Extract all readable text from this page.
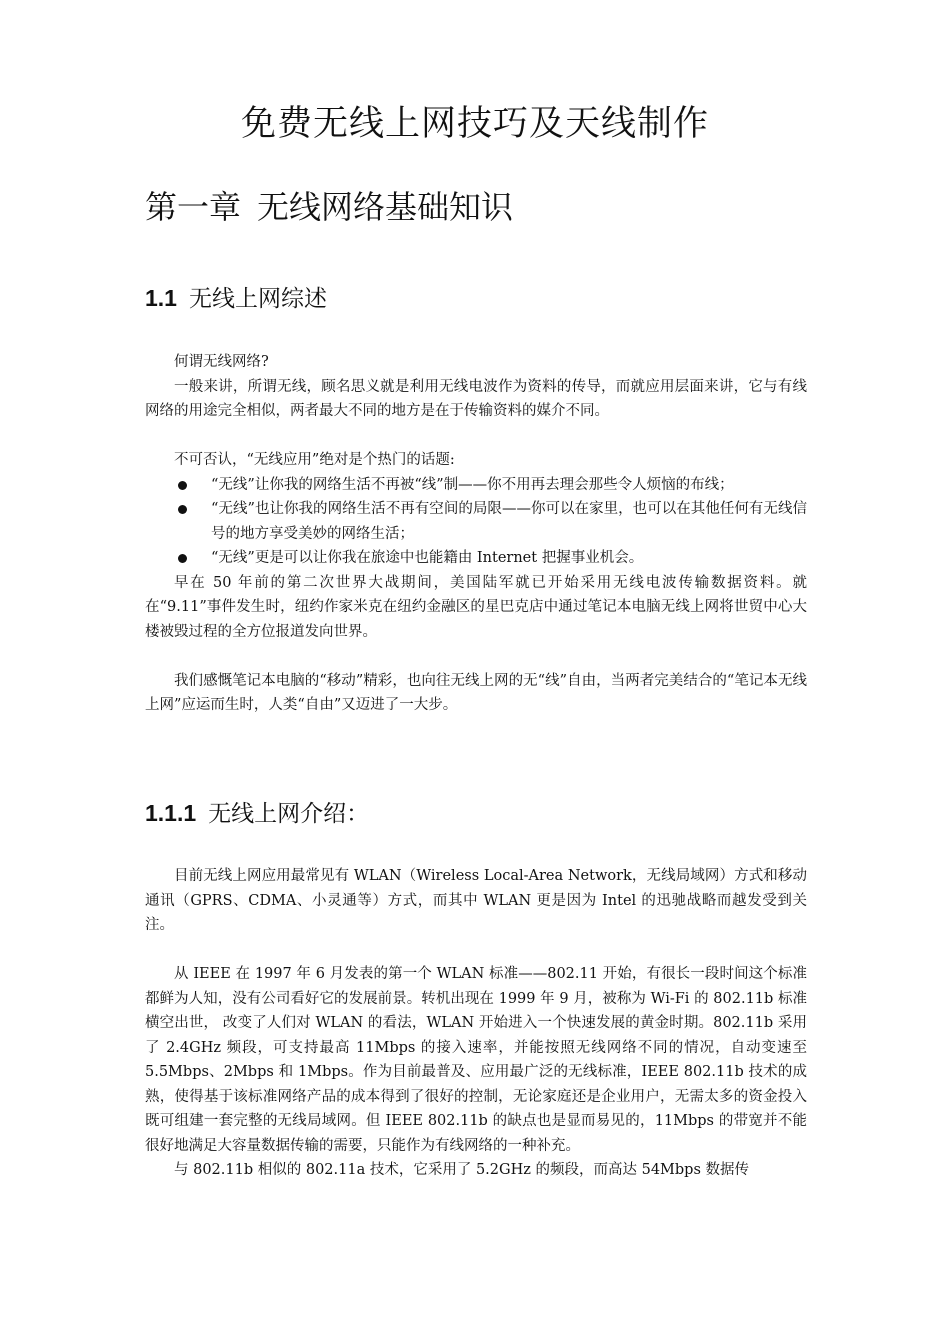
免费无线上网技巧及天线制作
第一章 无线网络基础知识
1.1 无线上网综述

何谓无线网络?

一般来讲，所谓无线，顾名思义就是利用无线电波作为资料的传导，而就应用层面来讲，它与有线网络的用途完全相似，两者最大不同的地方是在于传输资料的媒介不同。

不可否认，“无线应用”绝对是个热门的话题:

“无线”让你我的网络生活不再被“线”制——你不用再去理会那些令人烦恼的布线；
“无线”也让你我的网络生活不再有空间的局限——你可以在家里，也可以在其他任何有无线信号的地方享受美妙的网络生活；
“无线”更是可以让你我在旅途中也能籍由 Internet 把握事业机会。

早在 50 年前的第二次世界大战期间，美国陆军就已开始采用无线电波传输数据资料。就在“9.11”事件发生时，纽约作家米克在纽约金融区的星巴克店中通过笔记本电脑无线上网将世贸中心大楼被毁过程的全方位报道发向世界。

我们感慨笔记本电脑的“移动”精彩，也向往无线上网的无“线”自由，当两者完美结合的“笔记本无线上网”应运而生时，人类“自由”又迈进了一大步。

1.1.1 无线上网介绍：

目前无线上网应用最常见有 WLAN（Wireless Local-Area Network，无线局域网）方式和移动通讯（GPRS、CDMA、小灵通等）方式，而其中 WLAN 更是因为 Intel 的迅驰战略而越发受到关注。

从 IEEE 在 1997 年 6 月发表的第一个 WLAN 标准——802.11 开始，有很长一段时间这个标准都鲜为人知，没有公司看好它的发展前景。转机出现在 1999 年 9 月，被称为 Wi-Fi 的 802.11b 标准横空出世， 改变了人们对 WLAN 的看法，WLAN 开始进入一个快速发展的黄金时期。802.11b 采用了 2.4GHz 频段，可支持最高 11Mbps 的接入速率，并能按照无线网络不同的情况，自动变速至 5.5Mbps、2Mbps 和 1Mbps。作为目前最普及、应用最广泛的无线标准，IEEE 802.11b 技术的成熟，使得基于该标准网络产品的成本得到了很好的控制，无论家庭还是企业用户，无需太多的资金投入既可组建一套完整的无线局域网。但 IEEE 802.11b 的缺点也是显而易见的，11Mbps 的带宽并不能很好地满足大容量数据传输的需要，只能作为有线网络的一种补充。

与 802.11b 相似的 802.11a 技术，它采用了 5.2GHz 的频段，而高达 54Mbps 数据传
